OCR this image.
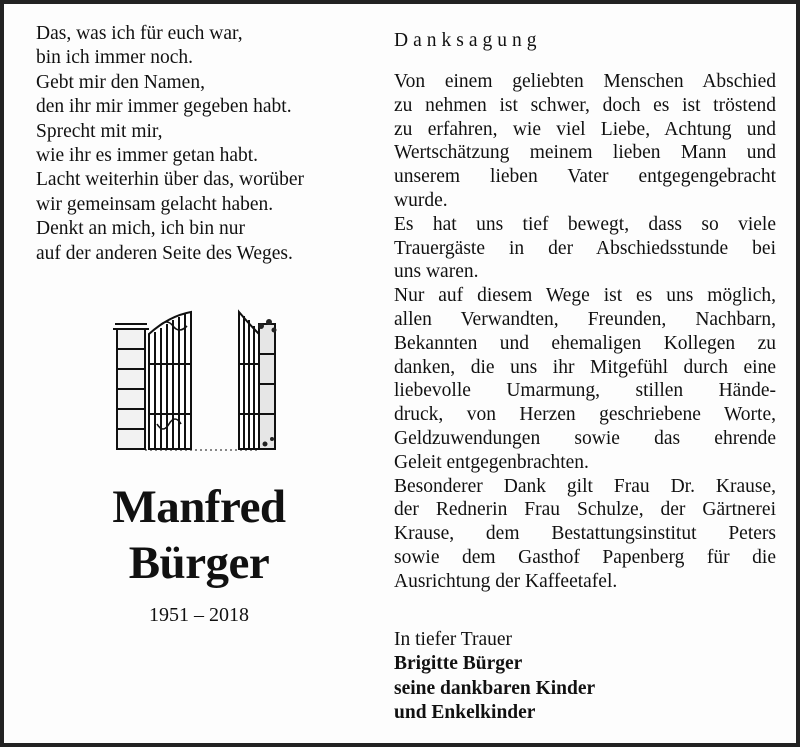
Das, was ich für euch war,
bin ich immer noch.
Gebt mir den Namen,
den ihr mir immer gegeben habt.
Sprecht mit mir,
wie ihr es immer getan habt.
Lacht weiterhin über das, worüber
wir gemeinsam gelacht haben.
Denkt an mich, ich bin nur
auf der anderen Seite des Weges.
Manfred
Bürger
1951 – 2018
Danksagung
Von einem geliebten Menschen Abschied
zu nehmen ist schwer, doch es ist tröstend
zu erfahren, wie viel Liebe, Achtung und
Wertschätzung meinem lieben Mann und
unserem lieben Vater entgegengebracht
wurde.
Es hat uns tief bewegt, dass so viele
Trauergäste in der Abschiedsstunde bei
uns waren.
Nur auf diesem Wege ist es uns möglich,
allen Verwandten, Freunden, Nachbarn,
Bekannten und ehemaligen Kollegen zu
danken, die uns ihr Mitgefühl durch eine
liebevolle Umarmung, stillen Hände-
druck, von Herzen geschriebene Worte,
Geldzuwendungen sowie das ehrende
Geleit entgegenbrachten.
Besonderer Dank gilt Frau Dr. Krause,
der Rednerin Frau Schulze, der Gärtnerei
Krause, dem Bestattungsinstitut Peters
sowie dem Gasthof Papenberg für die
Ausrichtung der Kaffeetafel.
In tiefer Trauer
Brigitte Bürger
seine dankbaren Kinder
und Enkelkinder
